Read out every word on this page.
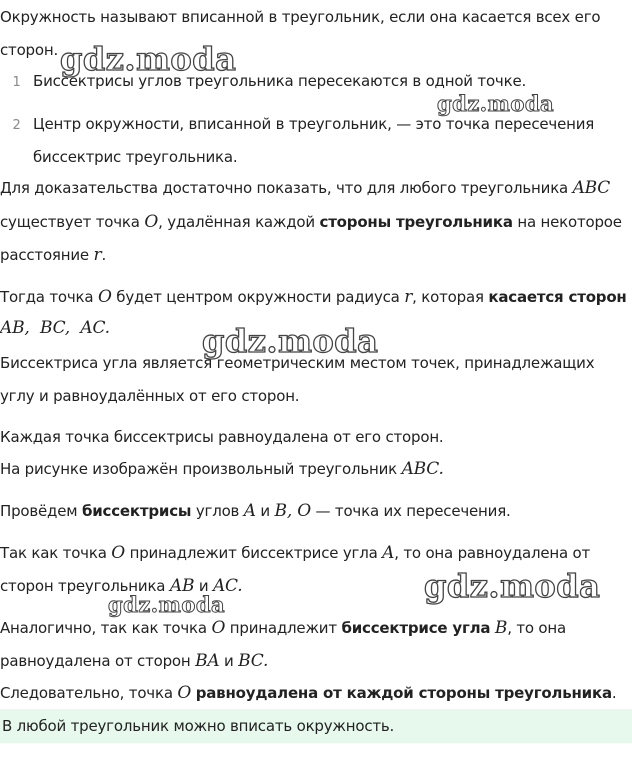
Окружность называют вписанной в треугольник, если она касается всех его
сторон.
1 Биссектрисы углов треугольника пересекаются в одной точке.
2 Центр окружности, вписанной в треугольник, — это точка пересечения
биссектрис треугольника.
Для доказательства достаточно показать, что для любого треугольника ABC
существует точка O, удалённая каждой стороны треугольника на некоторое
расстояние r.
Тогда точка O будет центром окружности радиуса r, которая касается сторон
AB,  BC,  AC.
Биссектриса угла является геометрическим местом точек, принадлежащих
углу и равноудалённых от его сторон.
Каждая точка биссектрисы равноудалена от его сторон.
На рисунке изображён произвольный треугольник ABC.
Провёдем биссектрисы углов A и B, O — точка их пересечения.
Так как точка O принадлежит биссектрисе угла A, то она равноудалена от
сторон треугольника AB и AC.
Аналогично, так как точка O принадлежит биссектрисе угла B, то она
равноудалена от сторон BA и BC.
Следовательно, точка O равноудалена от каждой стороны треугольника.
В любой треугольник можно вписать окружность.
gdz.moda
gdz.moda
gdz.moda
gdz.moda
gdz.moda
